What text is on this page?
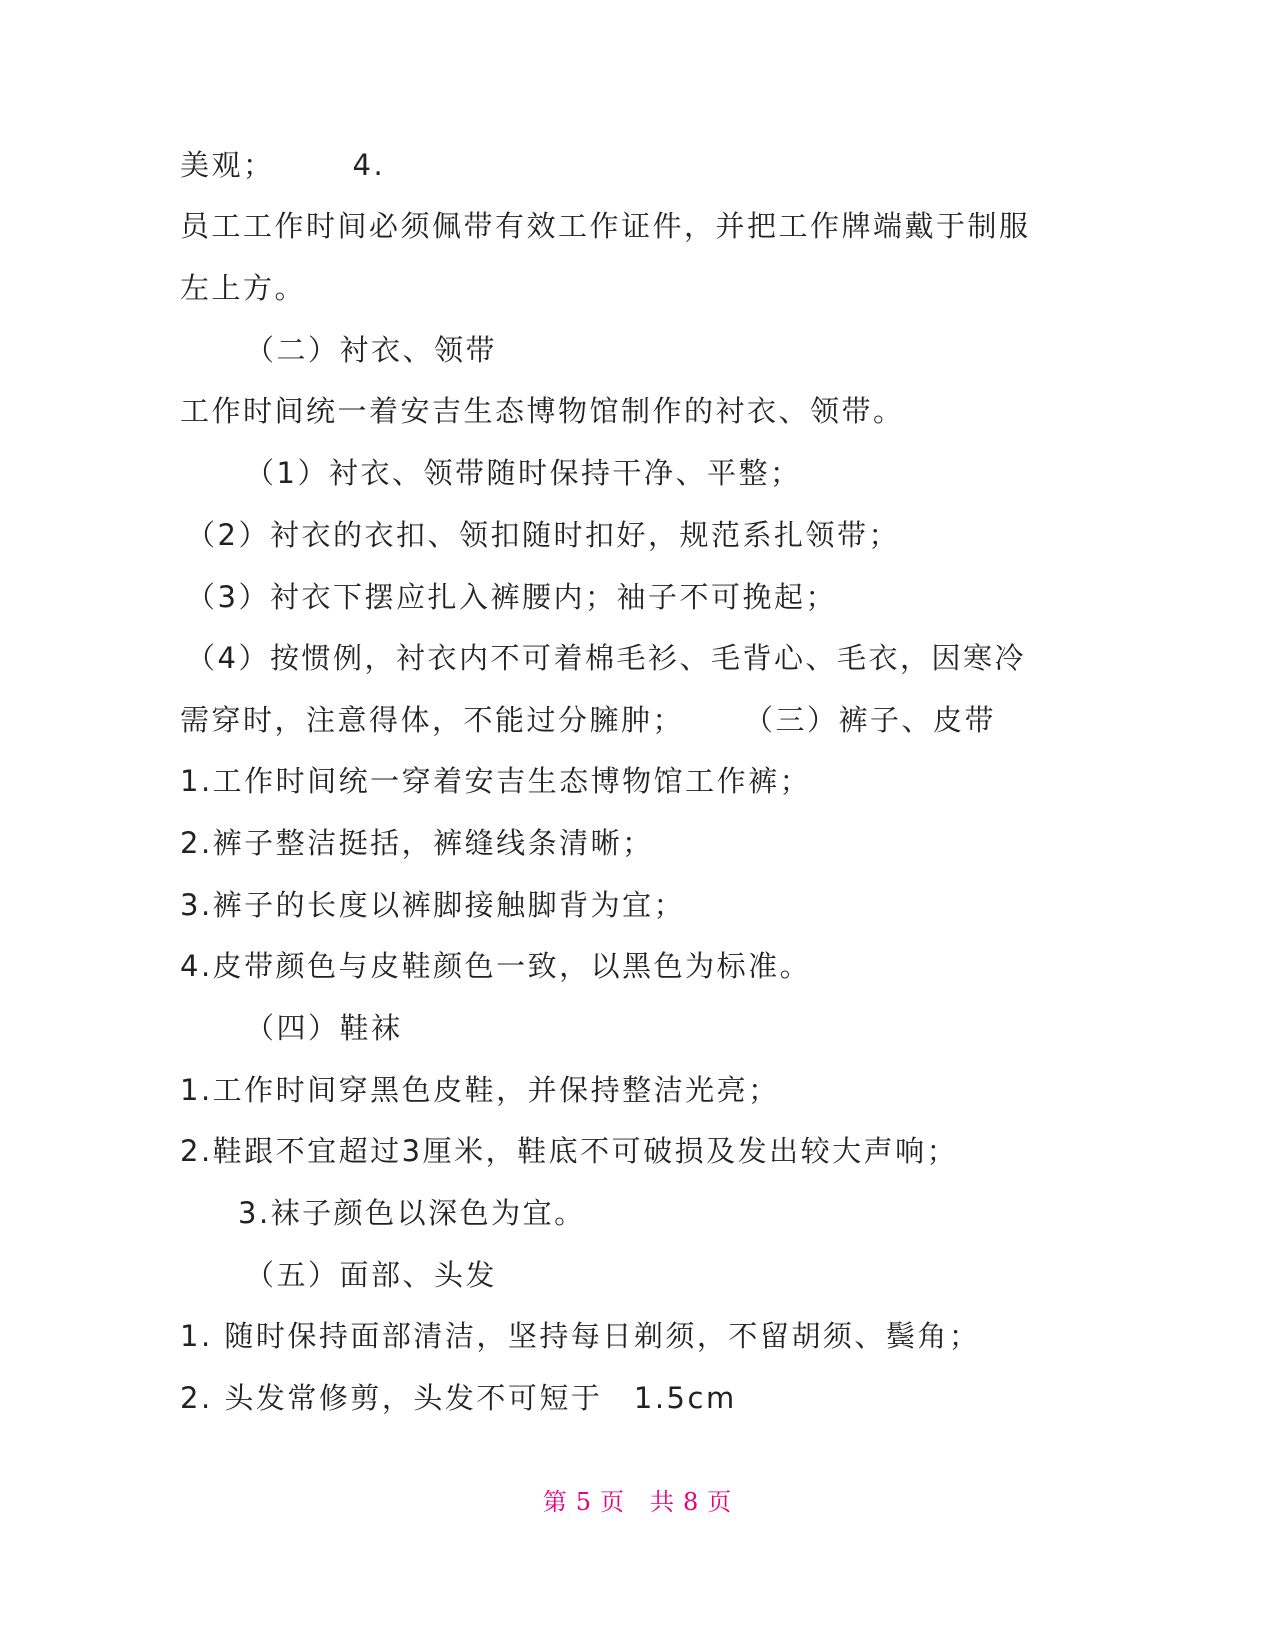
美观；	4.
员工工作时间必须佩带有效工作证件，并把工作牌端戴于制服
左上方。
（二）衬衣、领带
工作时间统一着安吉生态博物馆制作的衬衣、领带。
（1）衬衣、领带随时保持干净、平整；
（2）衬衣的衣扣、领扣随时扣好，规范系扎领带；
（3）衬衣下摆应扎入裤腰内；袖子不可挽起；
（4）按惯例，衬衣内不可着棉毛衫、毛背心、毛衣，因寒冷
需穿时，注意得体，不能过分臃肿； （三）裤子、皮带
1.工作时间统一穿着安吉生态博物馆工作裤；
2.裤子整洁挺括，裤缝线条清晰；
3.裤子的长度以裤脚接触脚背为宜；
4.皮带颜色与皮鞋颜色一致，以黑色为标准。
（四）鞋袜
1.工作时间穿黑色皮鞋，并保持整洁光亮；
2.鞋跟不宜超过3厘米，鞋底不可破损及发出较大声响；
3.袜子颜色以深色为宜。
（五）面部、头发
1. 随时保持面部清洁，坚持每日剃须，不留胡须、鬓角；
2. 头发常修剪，头发不可短于　1.5cm
第 5 页　共 8 页
